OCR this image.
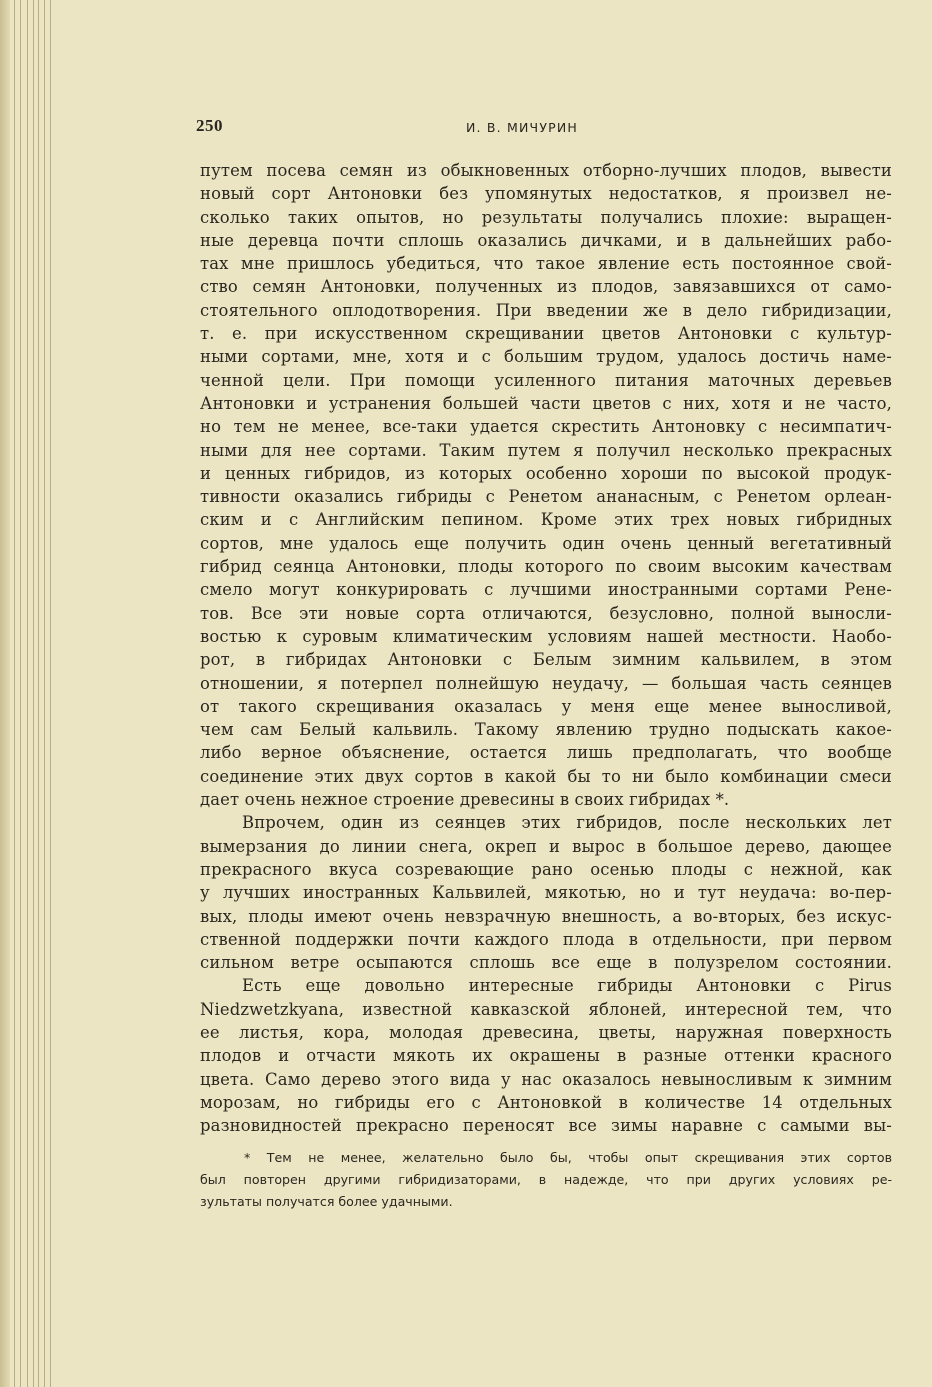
250	И. В. МИЧУРИН
путем посева семян из обыкновенных отборно-лучших плодов, вывести
новый сорт Антоновки без упомянутых недостатков, я произвел не-
сколько таких опытов, но результаты получались плохие: выращен-
ные деревца почти сплошь оказались дичками, и в дальнейших рабо-
тах мне пришлось убедиться, что такое явление есть постоянное свой-
ство семян Антоновки, полученных из плодов, завязавшихся от само-
стоятельного оплодотворения. При введении же в дело гибридизации,
т. е. при искусственном скрещивании цветов Антоновки с культур-
ными сортами, мне, хотя и с большим трудом, удалось достичь наме-
ченной цели. При помощи усиленного питания маточных деревьев
Антоновки и устранения большей части цветов с них, хотя и не часто,
но тем не менее, все-таки удается скрестить Антоновку с несимпатич-
ными для нее сортами. Таким путем я получил несколько прекрасных
и ценных гибридов, из которых особенно хороши по высокой продук-
тивности оказались гибриды с Ренетом ананасным, с Ренетом орлеан-
ским и с Английским пепином. Кроме этих трех новых гибридных
сортов, мне удалось еще получить один очень ценный вегетативный
гибрид сеянца Антоновки, плоды которого по своим высоким качествам
смело могут конкурировать с лучшими иностранными сортами Ренe-
тов. Все эти новые сорта отличаются, безусловно, полной выносли-
востью к суровым климатическим условиям нашей местности. Наобо-
рот, в гибридах Антоновки с Белым зимним кальвилем, в этом
отношении, я потерпел полнейшую неудачу, — большая часть сеянцев
от такого скрещивания оказалась у меня еще менее выносливой,
чем сам Белый кальвиль. Такому явлению трудно подыскать какое-
либо верное объяснение, остается лишь предполагать, что вообще
соединение этих двух сортов в какой бы то ни было комбинации смеси
дает очень нежное строение древесины в своих гибридах *.
Впрочем, один из сеянцев этих гибридов, после нескольких лет
вымерзания до линии снега, окреп и вырос в большое дерево, дающее
прекрасного вкуса созревающие рано осенью плоды с нежной, как
у лучших иностранных Кальвилей, мякотью, но и тут неудача: во-пер-
вых, плоды имеют очень невзрачную внешность, а во-вторых, без искус-
ственной поддержки почти каждого плода в отдельности, при первом
сильном ветре осыпаются сплошь все еще в полузрелом состоянии.
Есть еще довольно интересные гибриды Антоновки с Pirus
Niedzwetzkyana, известной кавказской яблоней, интересной тем, что
ее листья, кора, молодая древесина, цветы, наружная поверхность
плодов и отчасти мякоть их окрашены в разные оттенки красного
цвета. Само дерево этого вида у нас оказалось невыносливым к зимним
морозам, но гибриды его с Антоновкой в количестве 14 отдельных
разновидностей прекрасно переносят все зимы наравне с самыми вы-
* Тем не менее, желательно было бы, чтобы опыт скрещивания этих сортов
был повторен другими гибридизаторами, в надежде, что при других условиях ре-
зультаты получатся более удачными.
